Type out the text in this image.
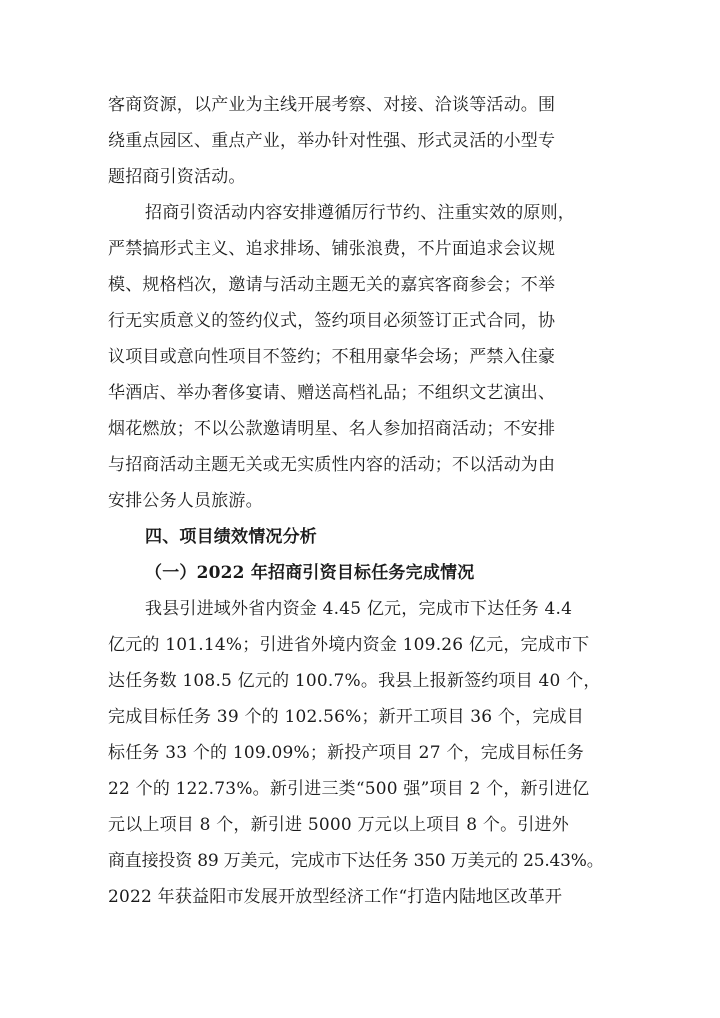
客商资源，以产业为主线开展考察、对接、洽谈等活动。围
绕重点园区、重点产业，举办针对性强、形式灵活的小型专
题招商引资活动。
招商引资活动内容安排遵循厉行节约、注重实效的原则，
严禁搞形式主义、追求排场、铺张浪费，不片面追求会议规
模、规格档次，邀请与活动主题无关的嘉宾客商参会；不举
行无实质意义的签约仪式，签约项目必须签订正式合同，协
议项目或意向性项目不签约；不租用豪华会场；严禁入住豪
华酒店、举办奢侈宴请、赠送高档礼品；不组织文艺演出、
烟花燃放；不以公款邀请明星、名人参加招商活动；不安排
与招商活动主题无关或无实质性内容的活动；不以活动为由
安排公务人员旅游。
四、项目绩效情况分析
（一）2022 年招商引资目标任务完成情况
我县引进域外省内资金 4.45 亿元，完成市下达任务 4.4
亿元的 101.14%；引进省外境内资金 109.26 亿元，完成市下
达任务数 108.5 亿元的 100.7%。我县上报新签约项目 40 个，
完成目标任务 39 个的 102.56%；新开工项目 36 个，完成目
标任务 33 个的 109.09%；新投产项目 27 个，完成目标任务
22 个的 122.73%。新引进三类“500 强”项目 2 个，新引进亿
元以上项目 8 个，新引进 5000 万元以上项目 8 个。引进外
商直接投资 89 万美元，完成市下达任务 350 万美元的 25.43%。
2022 年获益阳市发展开放型经济工作“打造内陆地区改革开
